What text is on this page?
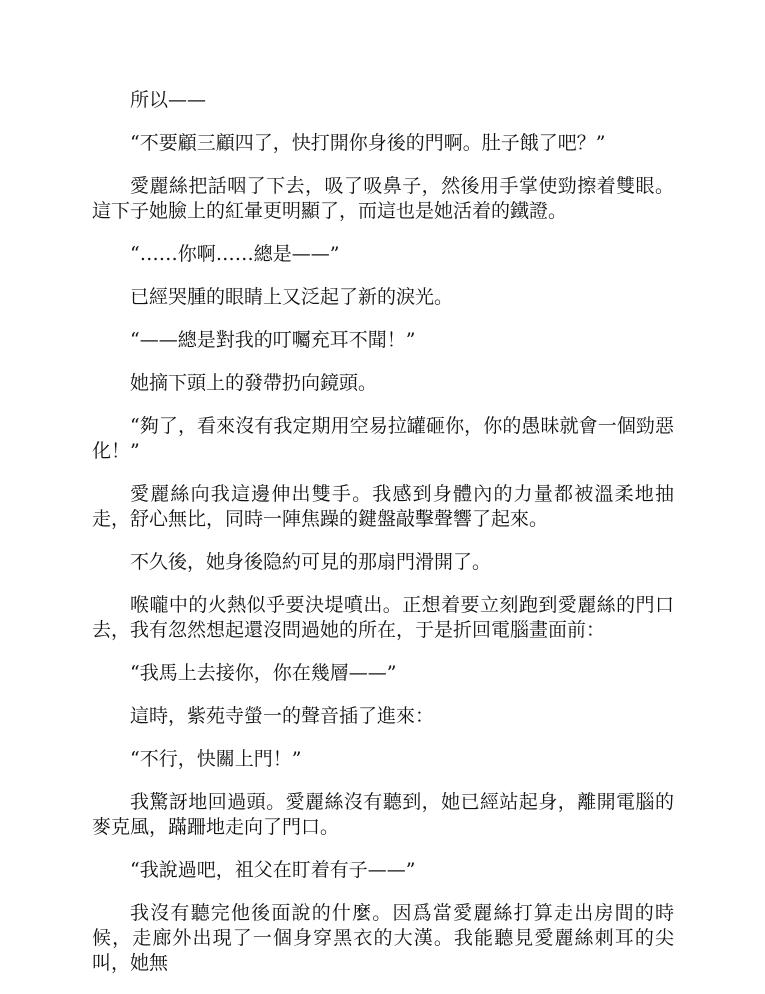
所以——

“不要顧三顧四了，快打開你身後的門啊。肚子餓了吧？”

愛麗絲把話咽了下去，吸了吸鼻子，然後用手掌使勁擦着雙眼。這下子她臉上的紅暈更明顯了，而這也是她活着的鐵證。

“……你啊……總是——”

已經哭腫的眼睛上又泛起了新的淚光。

“——總是對我的叮囑充耳不聞！”

她摘下頭上的發帶扔向鏡頭。

“夠了，看來沒有我定期用空易拉罐砸你，你的愚昧就會一個勁惡化！”

愛麗絲向我這邊伸出雙手。我感到身體內的力量都被溫柔地抽走，舒心無比，同時一陣焦躁的鍵盤敲擊聲響了起來。

不久後，她身後隐約可見的那扇門滑開了。

喉嚨中的火熱似乎要決堤噴出。正想着要立刻跑到愛麗絲的門口去，我有忽然想起還沒問過她的所在，于是折回電腦畫面前：

“我馬上去接你，你在幾層——”

這時，紫苑寺螢一的聲音插了進來：

“不行，快關上門！”

我驚訝地回過頭。愛麗絲沒有聽到，她已經站起身，離開電腦的麥克風，蹣跚地走向了門口。

“我說過吧，祖父在盯着有子——”

我沒有聽完他後面說的什麼。因爲當愛麗絲打算走出房間的時候，走廊外出現了一個身穿黑衣的大漢。我能聽見愛麗絲刺耳的尖叫，她無
